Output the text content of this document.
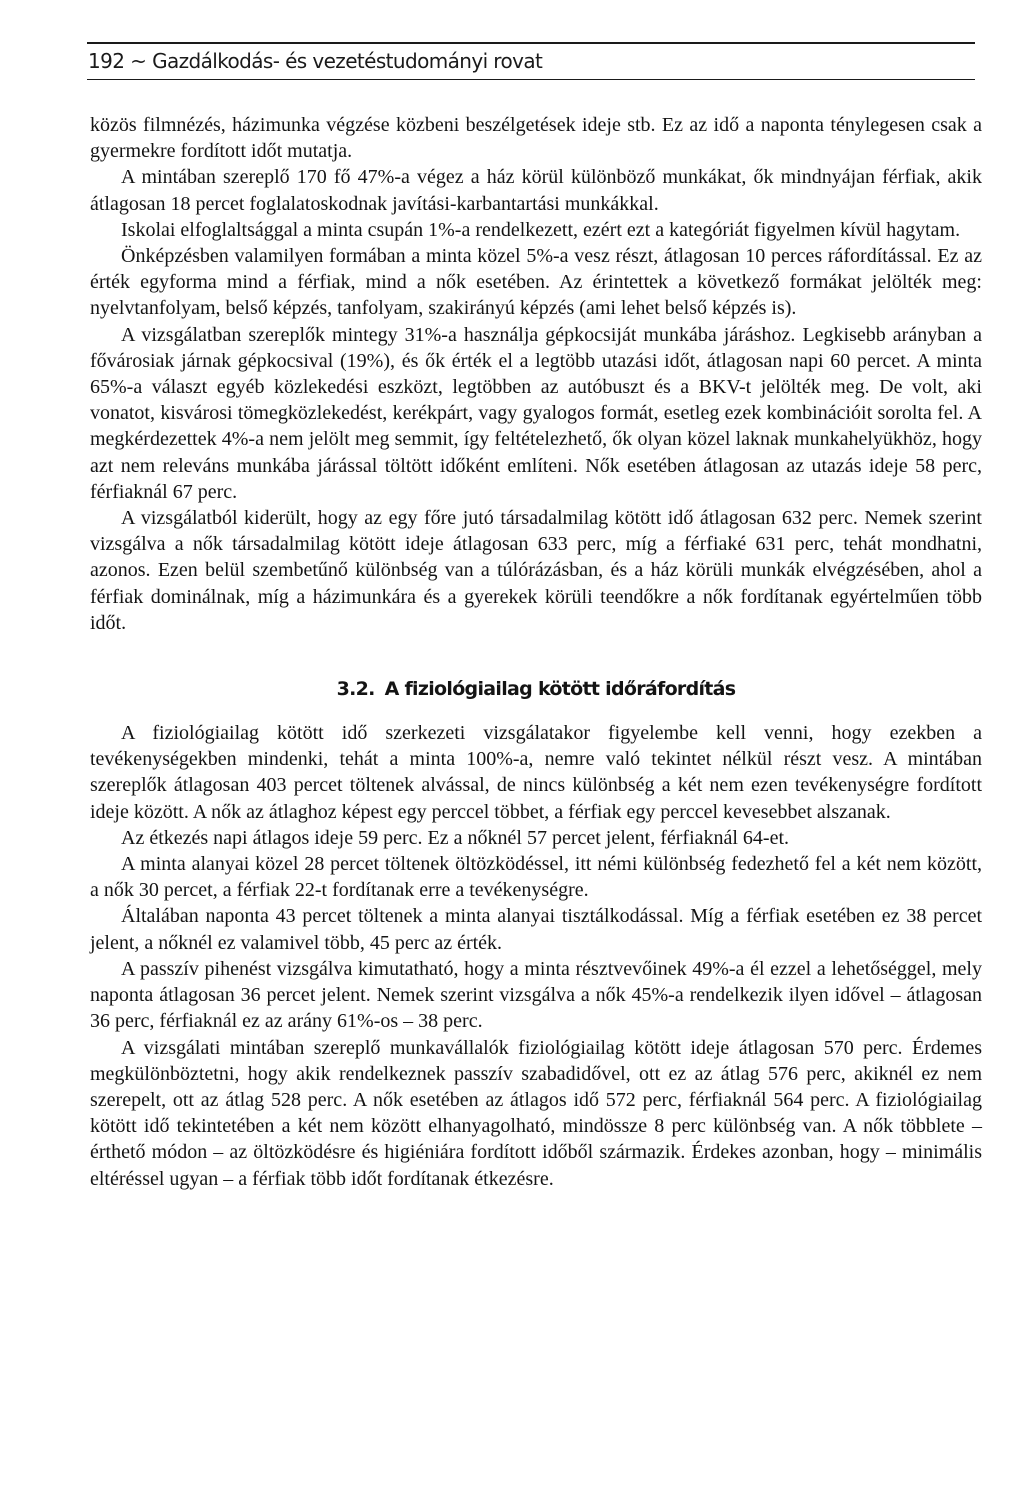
192 ~ Gazdálkodás- és vezetéstudományi rovat

közös filmnézés, házimunka végzése közbeni beszélgetések ideje stb. Ez az idő a naponta ténylegesen csak a gyermekre fordított időt mutatja.

A mintában szereplő 170 fő 47%-a végez a ház körül különböző munkákat, ők mindnyájan férfiak, akik átlagosan 18 percet foglalatoskodnak javítási-karbantartási munkákkal.

Iskolai elfoglaltsággal a minta csupán 1%-a rendelkezett, ezért ezt a kategóriát figyelmen kívül hagytam.

Önképzésben valamilyen formában a minta közel 5%-a vesz részt, átlagosan 10 perces ráfordítással. Ez az érték egyforma mind a férfiak, mind a nők esetében. Az érintettek a következő formákat jelölték meg: nyelvtanfolyam, belső képzés, tanfolyam, szakirányú képzés (ami lehet belső képzés is).

A vizsgálatban szereplők mintegy 31%-a használja gépkocsiját munkába járáshoz. Legkisebb arányban a fővárosiak járnak gépkocsival (19%), és ők érték el a legtöbb utazási időt, átlagosan napi 60 percet. A minta 65%-a választ egyéb közlekedési eszközt, legtöbben az autóbuszt és a BKV-t jelölték meg. De volt, aki vonatot, kisvárosi tömegközlekedést, kerékpárt, vagy gyalogos formát, esetleg ezek kombinációit sorolta fel. A megkérdezettek 4%-a nem jelölt meg semmit, így feltételezhető, ők olyan közel laknak munkahelyükhöz, hogy azt nem releváns munkába járással töltött időként említeni. Nők esetében átlagosan az utazás ideje 58 perc, férfiaknál 67 perc.

A vizsgálatból kiderült, hogy az egy főre jutó társadalmilag kötött idő átlagosan 632 perc. Nemek szerint vizsgálva a nők társadalmilag kötött ideje átlagosan 633 perc, míg a férfiaké 631 perc, tehát mondhatni, azonos. Ezen belül szembetűnő különbség van a túlórázásban, és a ház körüli munkák elvégzésében, ahol a férfiak dominálnak, míg a házimunkára és a gyerekek körüli teendőkre a nők fordítanak egyértelműen több időt.

3.2. A fiziológiailag kötött időráfordítás

A fiziológiailag kötött idő szerkezeti vizsgálatakor figyelembe kell venni, hogy ezekben a tevékenységekben mindenki, tehát a minta 100%-a, nemre való tekintet nélkül részt vesz. A mintában szereplők átlagosan 403 percet töltenek alvással, de nincs különbség a két nem ezen tevékenységre fordított ideje között. A nők az átlaghoz képest egy perccel többet, a férfiak egy perccel kevesebbet alszanak.

Az étkezés napi átlagos ideje 59 perc. Ez a nőknél 57 percet jelent, férfiaknál 64-et.

A minta alanyai közel 28 percet töltenek öltözködéssel, itt némi különbség fedezhető fel a két nem között, a nők 30 percet, a férfiak 22-t fordítanak erre a tevékenységre.

Általában naponta 43 percet töltenek a minta alanyai tisztálkodással. Míg a férfiak esetében ez 38 percet jelent, a nőknél ez valamivel több, 45 perc az érték.

A passzív pihenést vizsgálva kimutatható, hogy a minta résztvevőinek 49%-a él ezzel a lehetőséggel, mely naponta átlagosan 36 percet jelent. Nemek szerint vizsgálva a nők 45%-a rendelkezik ilyen idővel – átlagosan 36 perc, férfiaknál ez az arány 61%-os – 38 perc.

A vizsgálati mintában szereplő munkavállalók fiziológiailag kötött ideje átlagosan 570 perc. Érdemes megkülönböztetni, hogy akik rendelkeznek passzív szabadidővel, ott ez az átlag 576 perc, akiknél ez nem szerepelt, ott az átlag 528 perc. A nők esetében az átlagos idő 572 perc, férfiaknál 564 perc. A fiziológiailag kötött idő tekintetében a két nem között elhanyagolható, mindössze 8 perc különbség van. A nők többlete – érthető módon – az öltözködésre és higiéniára fordított időből származik. Érdekes azonban, hogy – minimális eltéréssel ugyan – a férfiak több időt fordítanak étkezésre.
